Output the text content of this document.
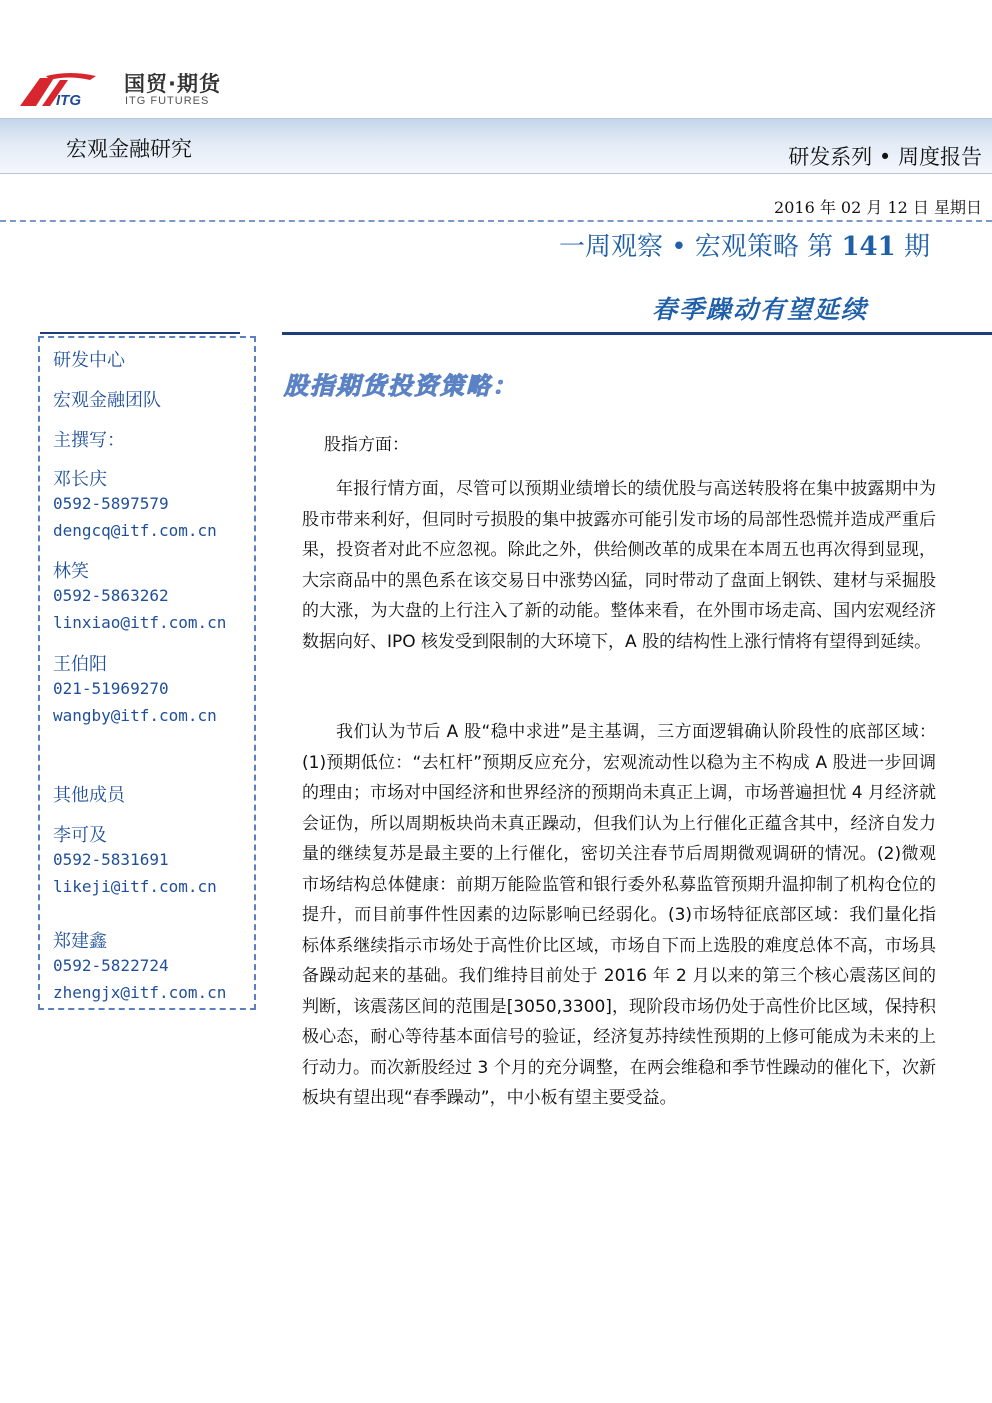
ITG
国贸·期货
ITG FUTURES
宏观金融研究	研发系列 • 周度报告
2016 年 02 月 12 日 星期日
一周观察 • 宏观策略 第 141 期
春季躁动有望延续
研发中心
宏观金融团队
主撰写：
邓长庆
0592-5897579
dengcq@itf.com.cn
林笑
0592-5863262
linxiao@itf.com.cn
王伯阳
021-51969270
wangby@itf.com.cn
其他成员
李可及
0592-5831691
likeji@itf.com.cn
郑建鑫
0592-5822724
zhengjx@itf.com.cn
股指期货投资策略：
股指方面：

年报行情方面，尽管可以预期业绩增长的绩优股与高送转股将在集中披露期中为股市带来利好，但同时亏损股的集中披露亦可能引发市场的局部性恐慌并造成严重后果，投资者对此不应忽视。除此之外，供给侧改革的成果在本周五也再次得到显现，大宗商品中的黑色系在该交易日中涨势凶猛，同时带动了盘面上钢铁、建材与采掘股的大涨，为大盘的上行注入了新的动能。整体来看，在外围市场走高、国内宏观经济数据向好、IPO 核发受到限制的大环境下，A 股的结构性上涨行情将有望得到延续。

我们认为节后 A 股“稳中求进”是主基调，三方面逻辑确认阶段性的底部区域：(1)预期低位：“去杠杆”预期反应充分，宏观流动性以稳为主不构成 A 股进一步回调的理由；市场对中国经济和世界经济的预期尚未真正上调，市场普遍担忧 4 月经济就会证伪，所以周期板块尚未真正躁动，但我们认为上行催化正蕴含其中，经济自发力量的继续复苏是最主要的上行催化，密切关注春节后周期微观调研的情况。(2)微观市场结构总体健康：前期万能险监管和银行委外私募监管预期升温抑制了机构仓位的提升，而目前事件性因素的边际影响已经弱化。(3)市场特征底部区域：我们量化指标体系继续指示市场处于高性价比区域，市场自下而上选股的难度总体不高，市场具备躁动起来的基础。我们维持目前处于 2016 年 2 月以来的第三个核心震荡区间的判断，该震荡区间的范围是[3050,3300]，现阶段市场仍处于高性价比区域，保持积极心态，耐心等待基本面信号的验证，经济复苏持续性预期的上修可能成为未来的上行动力。而次新股经过 3 个月的充分调整，在两会维稳和季节性躁动的催化下，次新板块有望出现“春季躁动”，中小板有望主要受益。
